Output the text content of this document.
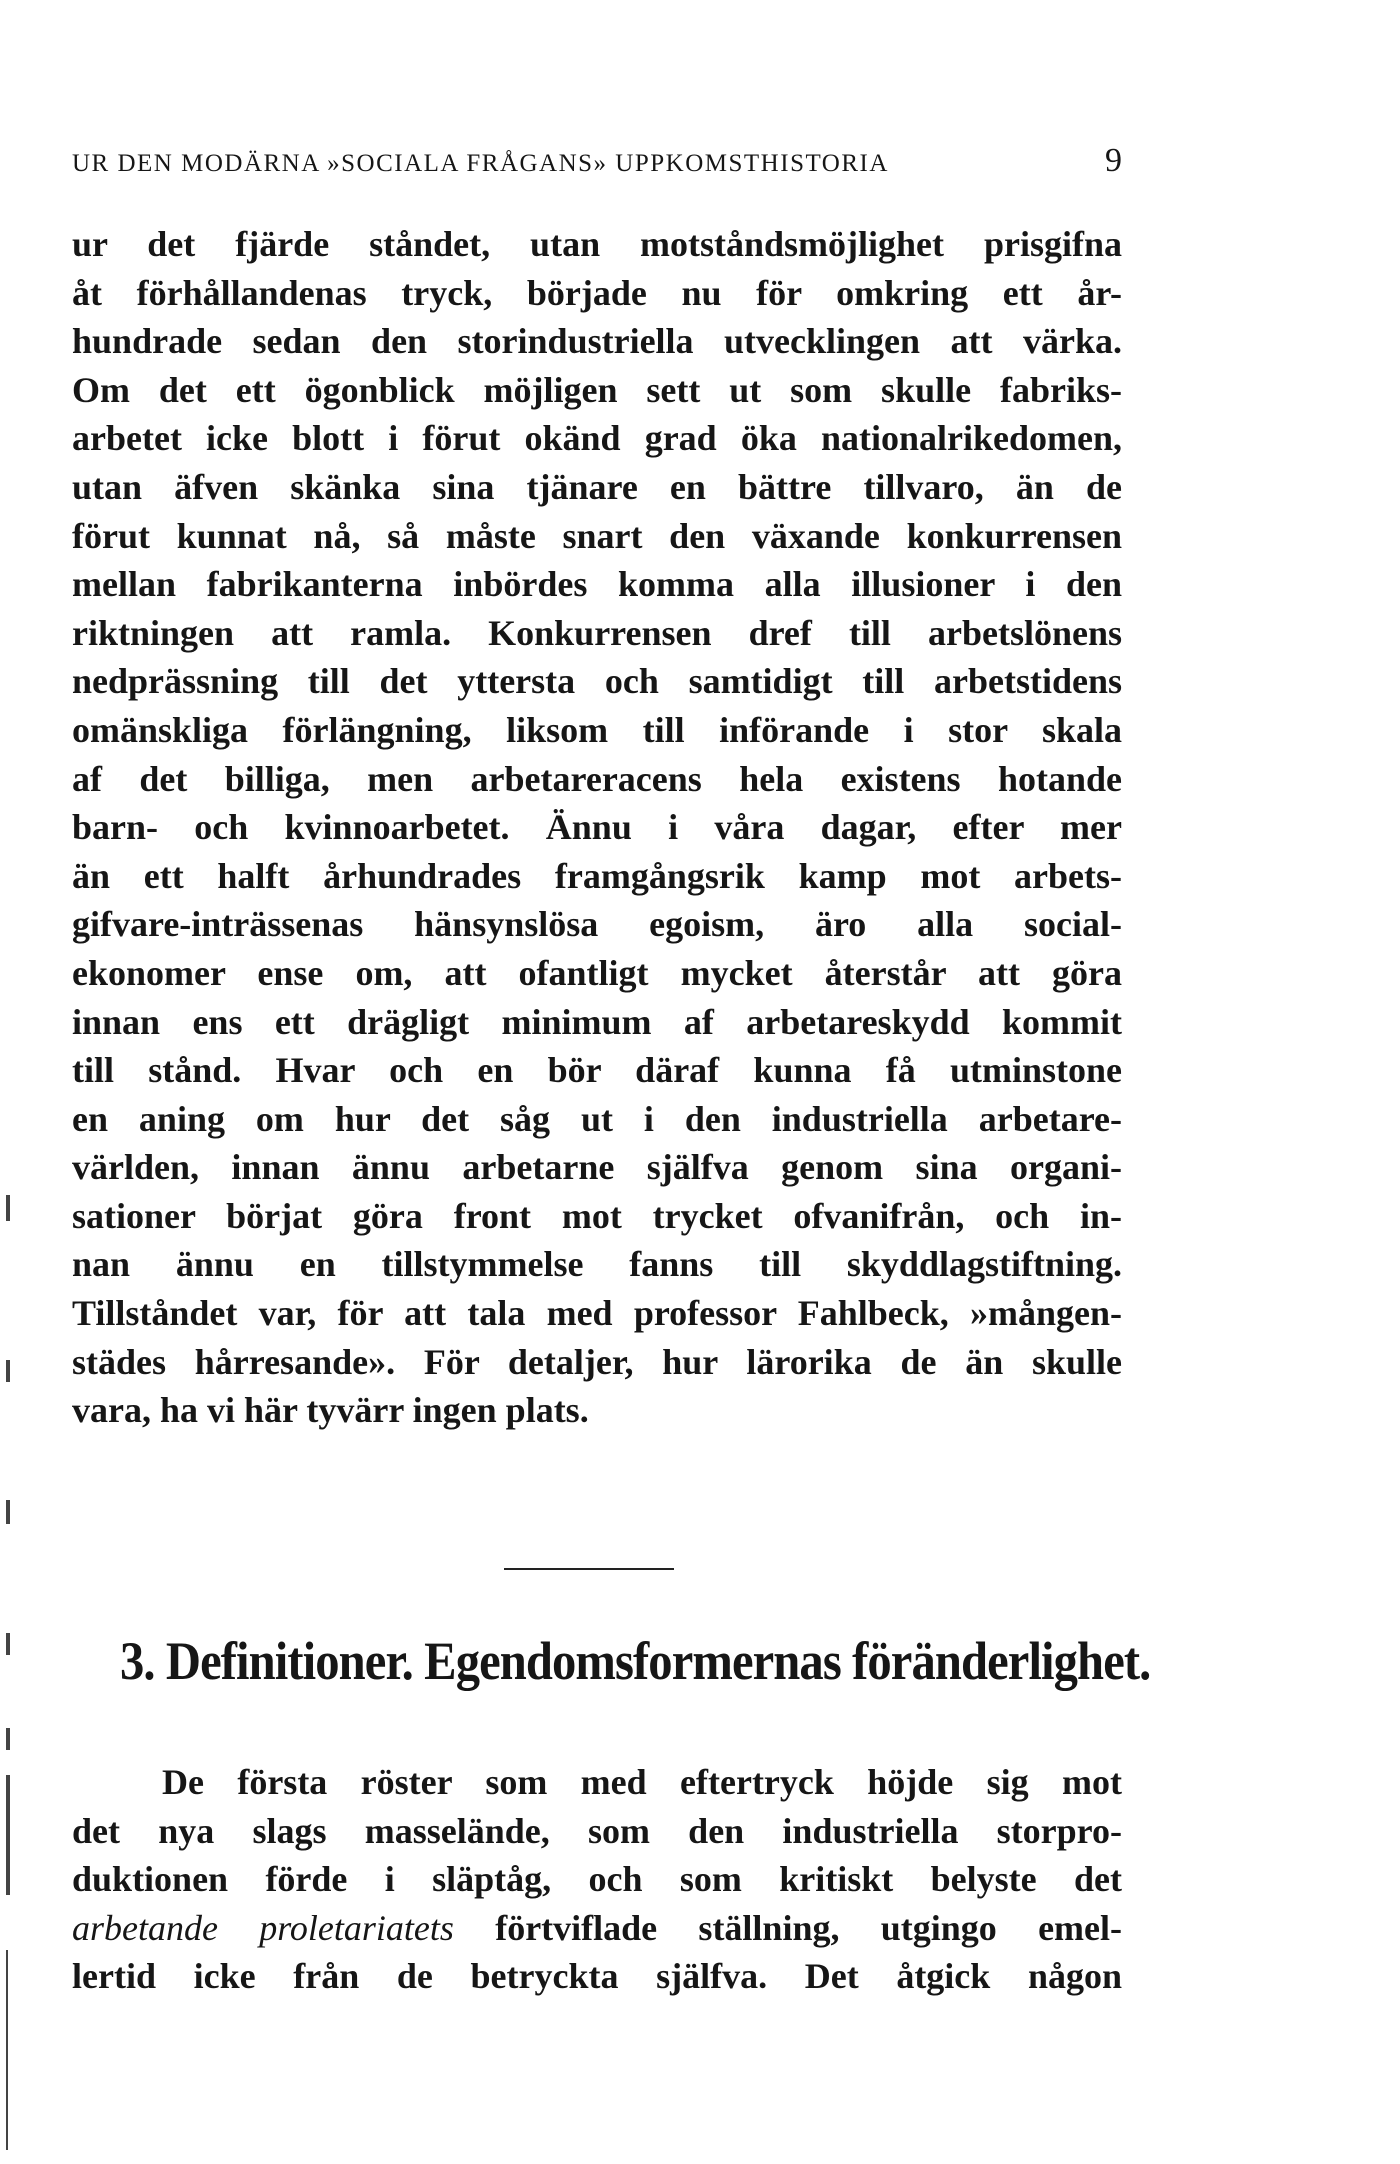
UR DEN MODÄRNA »SOCIALA FRÅGANS» UPPKOMSTHISTORIA	9
ur det fjärde ståndet, utan motståndsmöjlighet prisgifna
åt förhållandenas tryck, började nu för omkring ett år-
hundrade sedan den storindustriella utvecklingen att värka.
Om det ett ögonblick möjligen sett ut som skulle fabriks-
arbetet icke blott i förut okänd grad öka nationalrikedomen,
utan äfven skänka sina tjänare en bättre tillvaro, än de
förut kunnat nå, så måste snart den växande konkurrensen
mellan fabrikanterna inbördes komma alla illusioner i den
riktningen att ramla. Konkurrensen dref till arbetslönens
nedprässning till det yttersta och samtidigt till arbetstidens
omänskliga förlängning, liksom till införande i stor skala
af det billiga, men arbetareracens hela existens hotande
barn- och kvinnoarbetet. Ännu i våra dagar, efter mer
än ett halft århundrades framgångsrik kamp mot arbets-
gifvare-inträssenas hänsynslösa egoism, äro alla social-
ekonomer ense om, att ofantligt mycket återstår att göra
innan ens ett drägligt minimum af arbetareskydd kommit
till stånd. Hvar och en bör däraf kunna få utminstone
en aning om hur det såg ut i den industriella arbetare-
världen, innan ännu arbetarne själfva genom sina organi-
sationer börjat göra front mot trycket ofvanifrån, och in-
nan ännu en tillstymmelse fanns till skyddlagstiftning.
Tillståndet var, för att tala med professor Fahlbeck, »mången-
städes hårresande». För detaljer, hur lärorika de än skulle
vara, ha vi här tyvärr ingen plats.
3. Definitioner. Egendomsformernas föränderlighet.
De första röster som med eftertryck höjde sig mot
det nya slags masselände, som den industriella storpro-
duktionen förde i släptåg, och som kritiskt belyste det
arbetande proletariatets förtviflade ställning, utgingo emel-
lertid icke från de betryckta själfva. Det åtgick någon
